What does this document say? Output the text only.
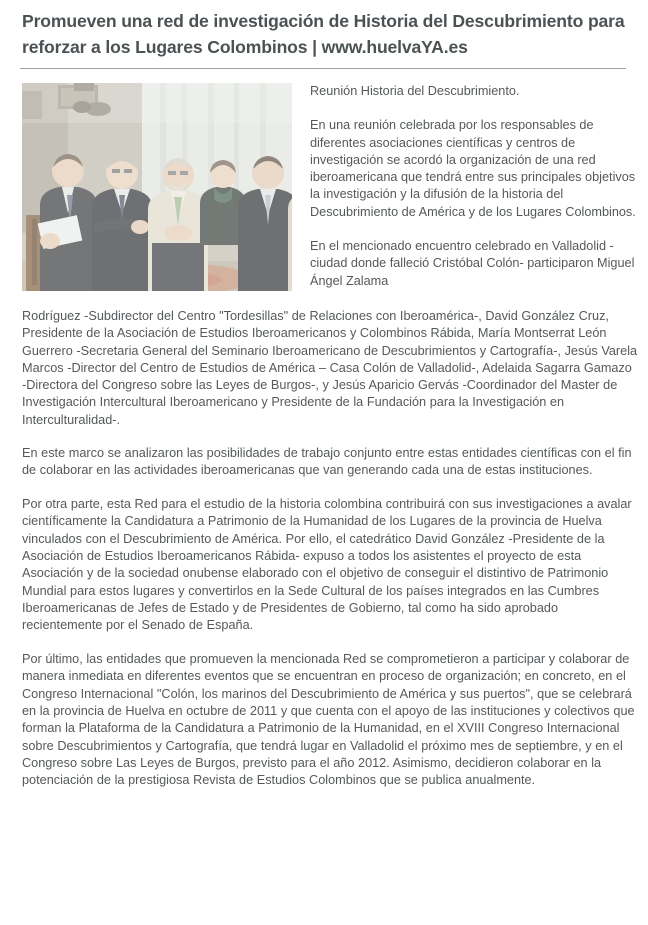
Promueven una red de investigación de Historia del Descubrimiento para reforzar a los Lugares Colombinos | www.huelvaYA.es

Reunión Historia del Descubrimiento.

En una reunión celebrada por los responsables de diferentes asociaciones científicas y centros de investigación se acordó la organización de una red iberoamericana que tendrá entre sus principales objetivos la investigación y la difusión de la historia del Descubrimiento de América y de los Lugares Colombinos.

En el mencionado encuentro celebrado en Valladolid -ciudad donde falleció Cristóbal Colón- participaron Miguel Ángel Zalama

Rodríguez -Subdirector del Centro "Tordesillas" de Relaciones con Iberoamérica-, David González Cruz, Presidente de la Asociación de Estudios Iberoamericanos y Colombinos Rábida, María Montserrat León Guerrero -Secretaria General del Seminario Iberoamericano de Descubrimientos y Cartografía-, Jesús Varela Marcos -Director del Centro de Estudios de América – Casa Colón de Valladolid-, Adelaida Sagarra Gamazo -Directora del Congreso sobre las Leyes de Burgos-, y Jesús Aparicio Gervás -Coordinador del Master de Investigación Intercultural Iberoamericano y Presidente de la Fundación para la Investigación en Interculturalidad-.

En este marco se analizaron las posibilidades de trabajo conjunto entre estas entidades científicas con el fin de colaborar en las actividades iberoamericanas que van generando cada una de estas instituciones.

Por otra parte, esta Red para el estudio de la historia colombina contribuirá con sus investigaciones a avalar científicamente la Candidatura a Patrimonio de la Humanidad de los Lugares de la provincia de Huelva vinculados con el Descubrimiento de América. Por ello, el catedrático David González -Presidente de la Asociación de Estudios Iberoamericanos Rábida- expuso a todos los asistentes el proyecto de esta Asociación y de la sociedad onubense elaborado con el objetivo de conseguir el distintivo de Patrimonio Mundial para estos lugares y convertirlos en la Sede Cultural de los países integrados en las Cumbres Iberoamericanas de Jefes de Estado y de Presidentes de Gobierno, tal como ha sido aprobado recientemente por el Senado de España.

Por último, las entidades que promueven la mencionada Red se comprometieron a participar y colaborar de manera inmediata en diferentes eventos que se encuentran en proceso de organización; en concreto, en el Congreso Internacional "Colón, los marinos del Descubrimiento de América y sus puertos", que se celebrará en la provincia de Huelva en octubre de 2011 y que cuenta con el apoyo de las instituciones y colectivos que forman la Plataforma de la Candidatura a Patrimonio de la Humanidad, en el XVIII Congreso Internacional sobre Descubrimientos y Cartografía, que tendrá lugar en Valladolid el próximo mes de septiembre, y en el Congreso sobre Las Leyes de Burgos, previsto para el año 2012. Asimismo, decidieron colaborar en la potenciación de la prestigiosa Revista de Estudios Colombinos que se publica anualmente.
